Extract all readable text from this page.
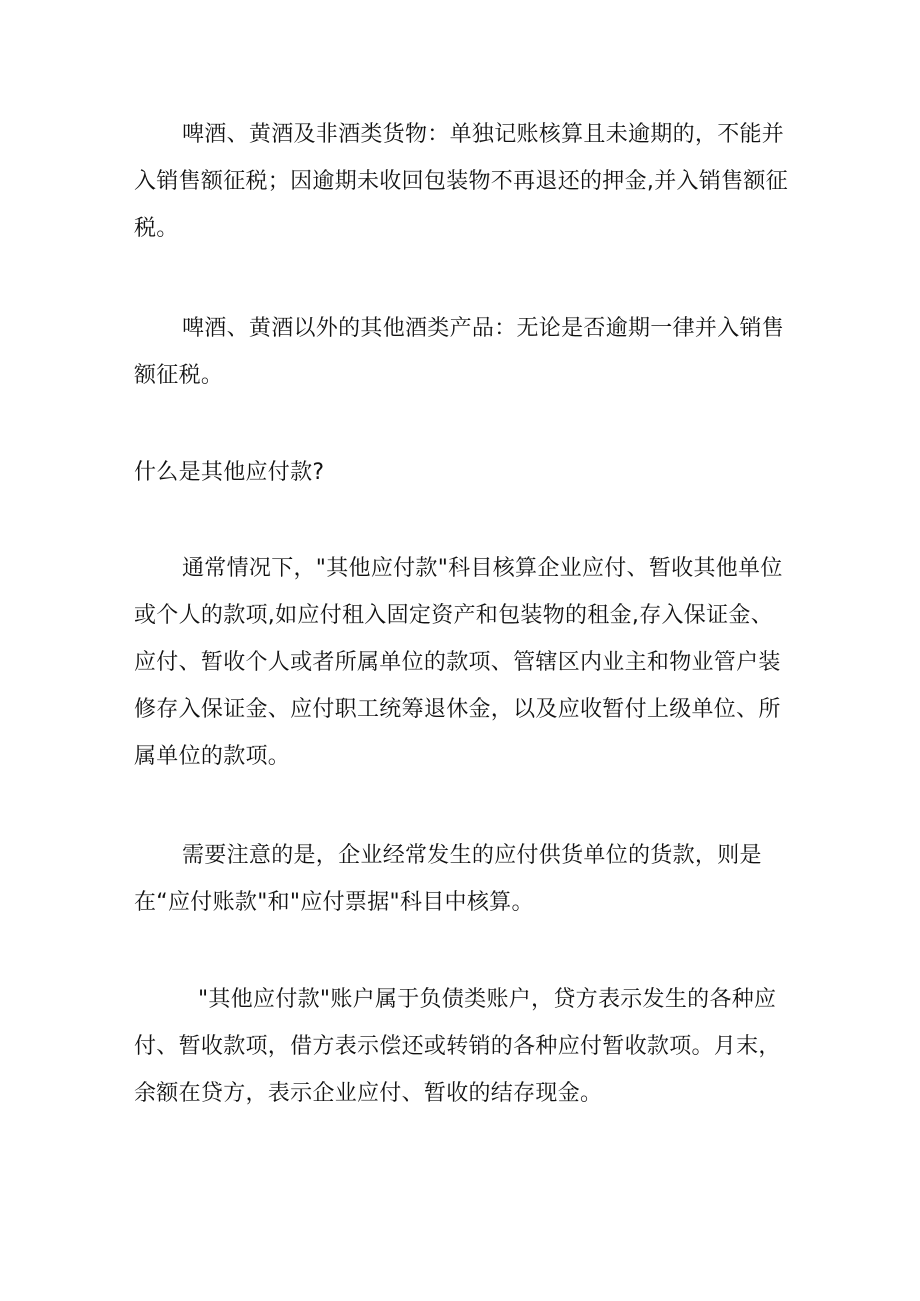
啤酒、黄酒及非酒类货物：单独记账核算且未逾期的，不能并入销售额征税；因逾期未收回包装物不再退还的押金,并入销售额征税。

啤酒、黄酒以外的其他酒类产品：无论是否逾期一律并入销售额征税。

什么是其他应付款?

通常情况下，"其他应付款"科目核算企业应付、暂收其他单位或个人的款项,如应付租入固定资产和包装物的租金,存入保证金、应付、暂收个人或者所属单位的款项、管辖区内业主和物业管户装修存入保证金、应付职工统筹退休金，以及应收暂付上级单位、所属单位的款项。

需要注意的是，企业经常发生的应付供货单位的货款，则是在“应付账款"和"应付票据"科目中核算。

"其他应付款"账户属于负债类账户，贷方表示发生的各种应付、暂收款项，借方表示偿还或转销的各种应付暂收款项。月末，余额在贷方，表示企业应付、暂收的结存现金。
